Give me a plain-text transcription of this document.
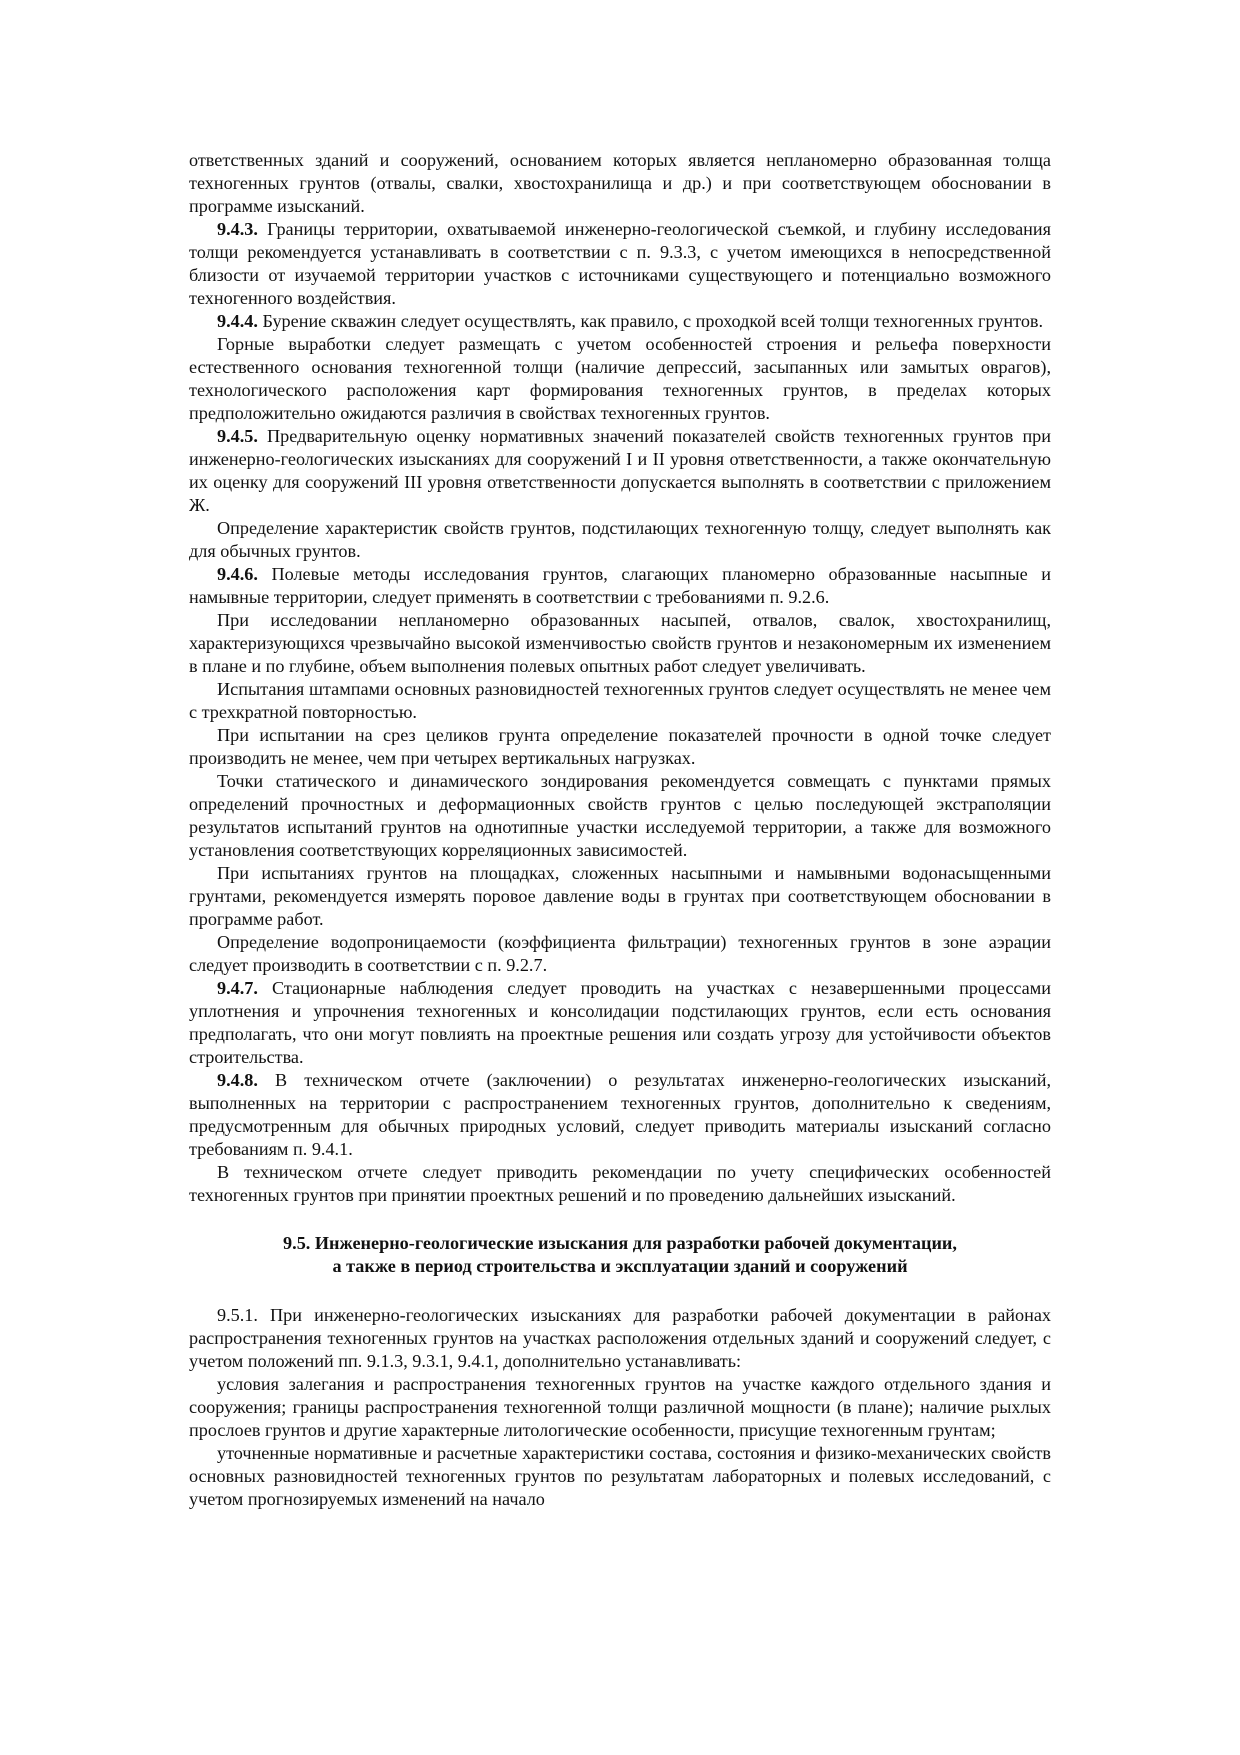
ответственных зданий и сооружений, основанием которых является непланомерно образованная толща техногенных грунтов (отвалы, свалки, хвостохранилища и др.) и при соответствующем обосновании в программе изысканий.

9.4.3. Границы территории, охватываемой инженерно-геологической съемкой, и глубину исследования толщи рекомендуется устанавливать в соответствии с п. 9.3.3, с учетом имеющихся в непосредственной близости от изучаемой территории участков с источниками существующего и потенциально возможного техногенного воздействия.

9.4.4. Бурение скважин следует осуществлять, как правило, с проходкой всей толщи техногенных грунтов.

Горные выработки следует размещать с учетом особенностей строения и рельефа поверхности естественного основания техногенной толщи (наличие депрессий, засыпанных или замытых оврагов), технологического расположения карт формирования техногенных грунтов, в пределах которых предположительно ожидаются различия в свойствах техногенных грунтов.

9.4.5. Предварительную оценку нормативных значений показателей свойств техногенных грунтов при инженерно-геологических изысканиях для сооружений I и II уровня ответственности, а также окончательную их оценку для сооружений III уровня ответственности допускается выполнять в соответствии с приложением Ж.

Определение характеристик свойств грунтов, подстилающих техногенную толщу, следует выполнять как для обычных грунтов.

9.4.6. Полевые методы исследования грунтов, слагающих планомерно образованные насыпные и намывные территории, следует применять в соответствии с требованиями п. 9.2.6.

При исследовании непланомерно образованных насыпей, отвалов, свалок, хвостохранилищ, характеризующихся чрезвычайно высокой изменчивостью свойств грунтов и незакономерным их изменением в плане и по глубине, объем выполнения полевых опытных работ следует увеличивать.

Испытания штампами основных разновидностей техногенных грунтов следует осуществлять не менее чем с трехкратной повторностью.

При испытании на срез целиков грунта определение показателей прочности в одной точке следует производить не менее, чем при четырех вертикальных нагрузках.

Точки статического и динамического зондирования рекомендуется совмещать с пунктами прямых определений прочностных и деформационных свойств грунтов с целью последующей экстраполяции результатов испытаний грунтов на однотипные участки исследуемой территории, а также для возможного установления соответствующих корреляционных зависимостей.

При испытаниях грунтов на площадках, сложенных насыпными и намывными водонасыщенными грунтами, рекомендуется измерять поровое давление воды в грунтах при соответствующем обосновании в программе работ.

Определение водопроницаемости (коэффициента фильтрации) техногенных грунтов в зоне аэрации следует производить в соответствии с п. 9.2.7.

9.4.7. Стационарные наблюдения следует проводить на участках с незавершенными процессами уплотнения и упрочнения техногенных и консолидации подстилающих грунтов, если есть основания предполагать, что они могут повлиять на проектные решения или создать угрозу для устойчивости объектов строительства.

9.4.8. В техническом отчете (заключении) о результатах инженерно-геологических изысканий, выполненных на территории с распространением техногенных грунтов, дополнительно к сведениям, предусмотренным для обычных природных условий, следует приводить материалы изысканий согласно требованиям п. 9.4.1.

В техническом отчете следует приводить рекомендации по учету специфических особенностей техногенных грунтов при принятии проектных решений и по проведению дальнейших изысканий.

9.5. Инженерно-геологические изыскания для разработки рабочей документации,
а также в период строительства и эксплуатации зданий и сооружений

9.5.1. При инженерно-геологических изысканиях для разработки рабочей документации в районах распространения техногенных грунтов на участках расположения отдельных зданий и сооружений следует, с учетом положений пп. 9.1.3, 9.3.1, 9.4.1, дополнительно устанавливать:

условия залегания и распространения техногенных грунтов на участке каждого отдельного здания и сооружения; границы распространения техногенной толщи различной мощности (в плане); наличие рыхлых прослоев грунтов и другие характерные литологические особенности, присущие техногенным грунтам;

уточненные нормативные и расчетные характеристики состава, состояния и физико-механических свойств основных разновидностей техногенных грунтов по результатам лабораторных и полевых исследований, с учетом прогнозируемых изменений на начало
